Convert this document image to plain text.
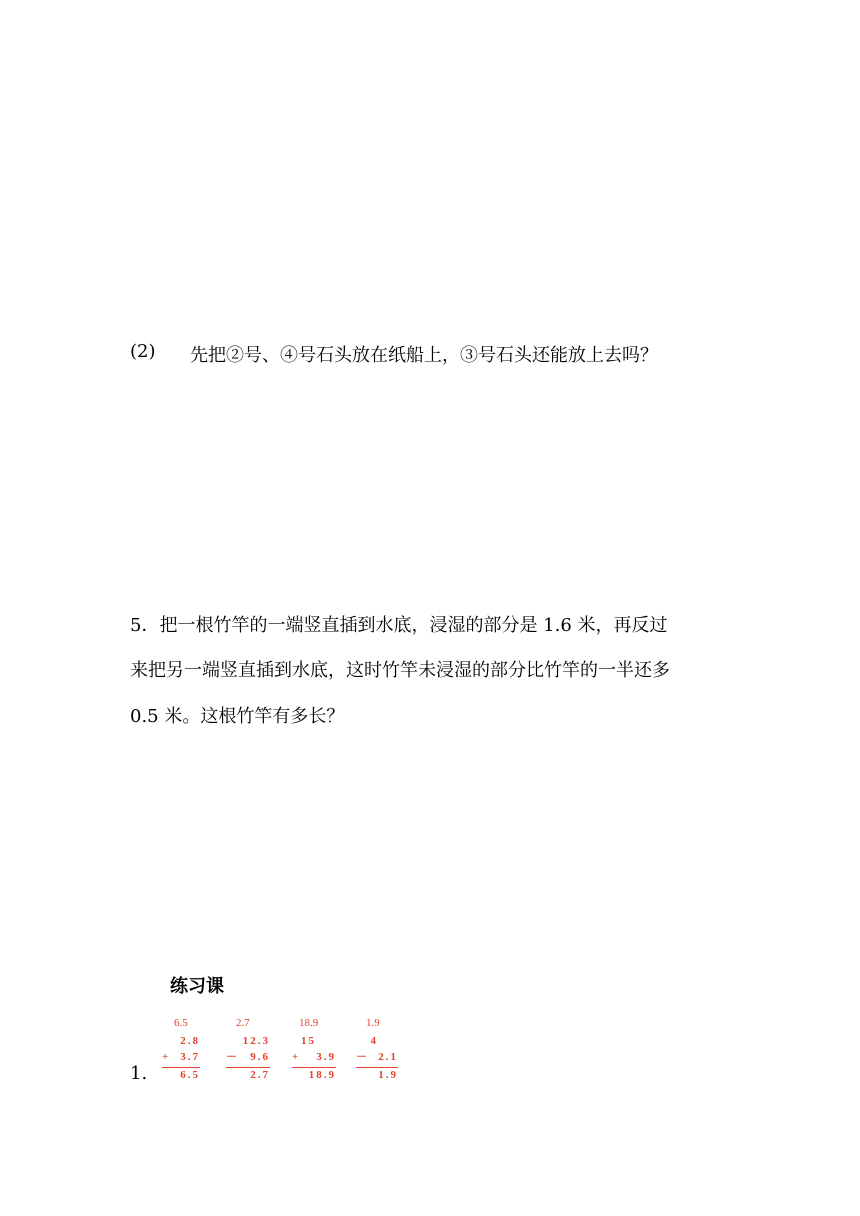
(2) 先把②号、④号石头放在纸船上，③号石头还能放上去吗？
5．把一根竹竿的一端竖直插到水底，浸湿的部分是 1.6 米，再反过
来把另一端竖直插到水底，这时竹竿未浸湿的部分比竹竿的一半还多
0.5 米。这根竹竿有多长？
练习课
1.
6.5
2.8
+ 3.7
6.5
2.7
12.3
－ 9.6
2.7
18.9
15
+ 3.9
18.9
1.9
4
－ 2.1
1.9
